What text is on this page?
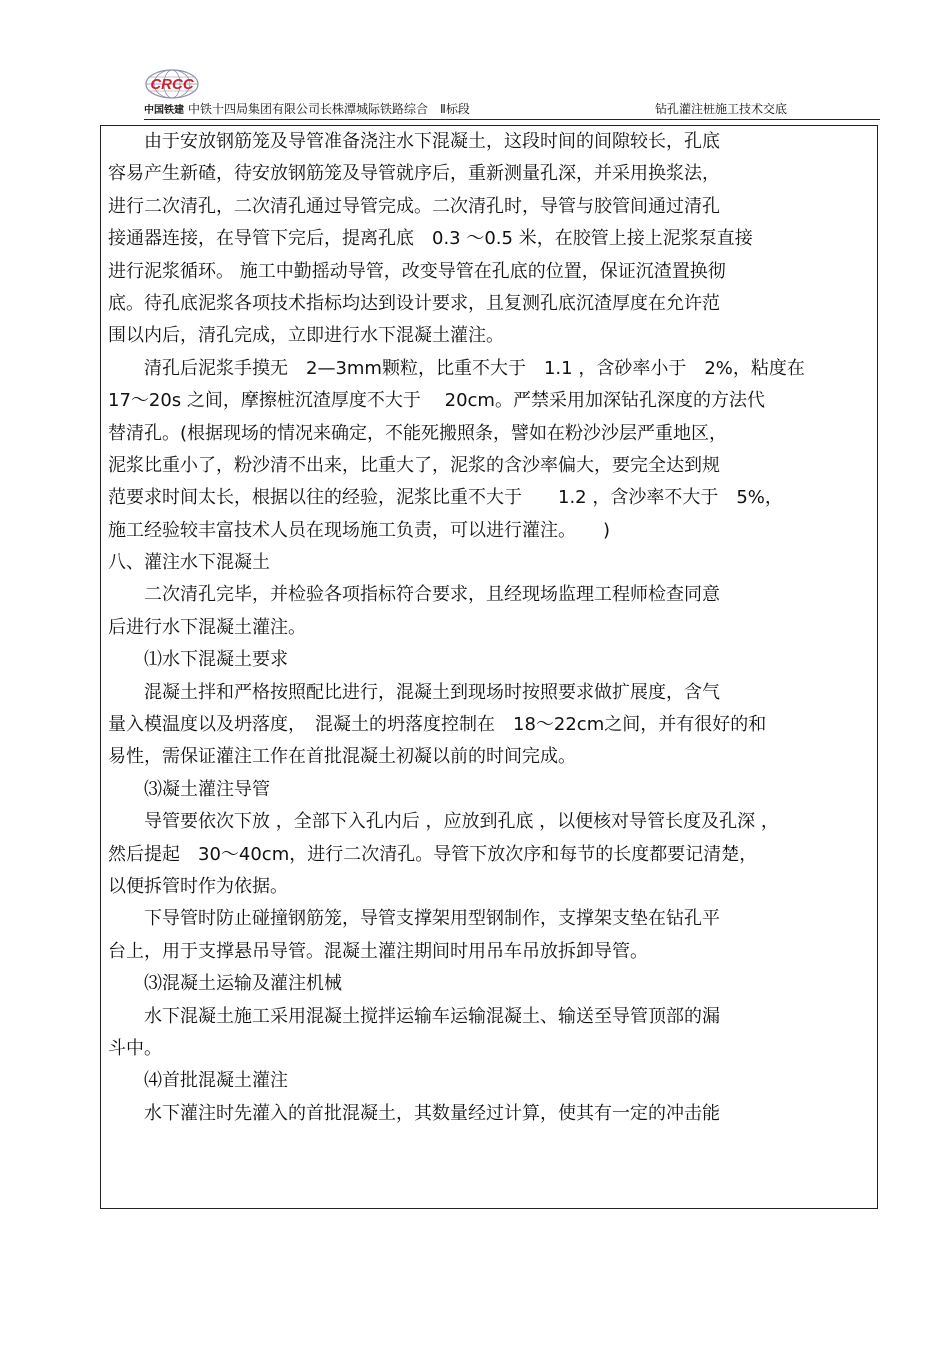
CRCC
中国铁建 中铁十四局集团有限公司长株潭城际铁路综合　Ⅱ标段	钻孔灌注桩施工技术交底
　　由于安放钢筋笼及导管准备浇注水下混凝土，这段时间的间隙较长，孔底
容易产生新碴，待安放钢筋笼及导管就序后，重新测量孔深，并采用换浆法，
进行二次清孔，二次清孔通过导管完成。二次清孔时，导管与胶管间通过清孔
接通器连接，在导管下完后，提离孔底　0.3 ～0.5 米，在胶管上接上泥浆泵直接
进行泥浆循环。 施工中勤摇动导管，改变导管在孔底的位置，保证沉渣置换彻
底。待孔底泥浆各项技术指标均达到设计要求，且复测孔底沉渣厚度在允许范
围以内后，清孔完成，立即进行水下混凝土灌注。
　　清孔后泥浆手摸无　2—3mm颗粒，比重不大于　1.1 ，含砂率小于　2%，粘度在
17～20s 之间，摩擦桩沉渣厚度不大于　 20cm。严禁采用加深钻孔深度的方法代
替清孔。(根据现场的情况来确定，不能死搬照条，譬如在粉沙沙层严重地区，
泥浆比重小了，粉沙清不出来，比重大了，泥浆的含沙率偏大，要完全达到规
范要求时间太长，根据以往的经验，泥浆比重不大于　　1.2 ，含沙率不大于　5%，
施工经验较丰富技术人员在现场施工负责，可以进行灌注。　　)
八、灌注水下混凝土
　　二次清孔完毕，并检验各项指标符合要求，且经现场监理工程师检查同意
后进行水下混凝土灌注。
　　⑴水下混凝土要求
　　混凝土拌和严格按照配比进行，混凝土到现场时按照要求做扩展度，含气
量入模温度以及坍落度，　混凝土的坍落度控制在　18～22cm之间，并有很好的和
易性，需保证灌注工作在首批混凝土初凝以前的时间完成。
　　⑶凝土灌注导管
　　导管要依次下放 ，全部下入孔内后 ，应放到孔底 ，以便核对导管长度及孔深 ，
然后提起　30～40cm，进行二次清孔。导管下放次序和每节的长度都要记清楚，
以便拆管时作为依据。
　　下导管时防止碰撞钢筋笼，导管支撑架用型钢制作，支撑架支垫在钻孔平
台上，用于支撑悬吊导管。混凝土灌注期间时用吊车吊放拆卸导管。
　　⑶混凝土运输及灌注机械
　　水下混凝土施工采用混凝土搅拌运输车运输混凝土、输送至导管顶部的漏
斗中。
　　⑷首批混凝土灌注
　　水下灌注时先灌入的首批混凝土，其数量经过计算，使其有一定的冲击能
